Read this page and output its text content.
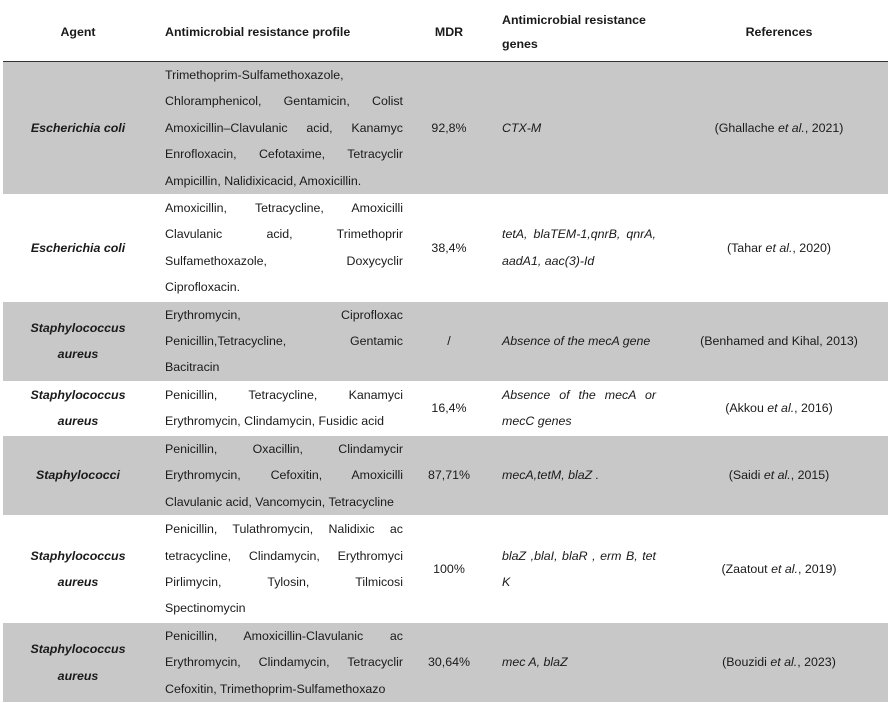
Agent	Antimicrobial resistance profile	MDR	Antimicrobial resistance genes	References
Escherichia coli	Trimethoprim-Sulfamethoxazole,
Chloramphenicol, Gentamicin, Colist
Amoxicillin–Clavulanic acid, Kanamyc
Enrofloxacin, Cefotaxime, Tetracyclir
Ampicillin, Nalidixicacid, Amoxicillin.	92,8%	CTX-M	(Ghallache et al., 2021)
Escherichia coli	Amoxicillin, Tetracycline, Amoxicilli
Clavulanic acid, Trimethoprir
Sulfamethoxazole, Doxycyclir
Ciprofloxacin.	38,4%	tetA, blaTEM-1,qnrB, qnrA, aadA1, aac(3)-Id	(Tahar et al., 2020)
Staphylococcus aureus	Erythromycin, Ciprofloxac
Penicillin,Tetracycline, Gentamic
Bacitracin	/	Absence of the mecA gene	(Benhamed and Kihal, 2013)
Staphylococcus aureus	Penicillin, Tetracycline, Kanamyci
Erythromycin, Clindamycin, Fusidic acid	16,4%	Absence of the mecA or mecC genes	(Akkou et al., 2016)
Staphylococci	Penicillin, Oxacillin, Clindamycir
Erythromycin, Cefoxitin, Amoxicilli
Clavulanic acid, Vancomycin, Tetracycline	87,71%	mecA,tetM, blaZ .	(Saidi et al., 2015)
Staphylococcus aureus	Penicillin, Tulathromycin, Nalidixic ac
tetracycline, Clindamycin, Erythromyci
Pirlimycin, Tylosin, Tilmicosi
Spectinomycin	100%	blaZ ,blaI, blaR , erm B, tet K	(Zaatout et al., 2019)
Staphylococcus aureus	Penicillin, Amoxicillin-Clavulanic ac
Erythromycin, Clindamycin, Tetracyclir
Cefoxitin, Trimethoprim-Sulfamethoxazo	30,64%	mec A, blaZ	(Bouzidi et al., 2023)
